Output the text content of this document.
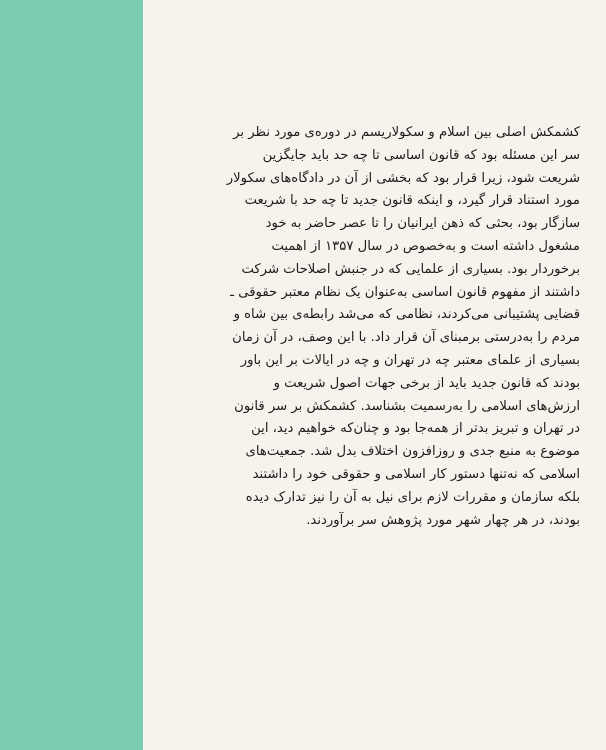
کشمکش اصلی بین اسلام و سکولاریسم در دوره‌ی مورد نظر بر
سر این مسئله بود که قانون اساسی تا چه حد باید جایگزین
شریعت شود، زیرا قرار بود که بخشی از آن در دادگاه‌های سکولار
مورد استناد قرار گیرد، و اینکه قانون جدید تا چه حد با شریعت
سازگار بود، بحثی که ذهن ایرانیان را تا عصر حاضر به خود
مشغول داشته است و به‌خصوص در سال ۱۳۵۷ از اهمیت
برخوردار بود. بسیاری از علمایی که در جنبش اصلاحات شرکت
داشتند از مفهوم قانون اساسی به‌عنوان یک نظام معتبر حقوقی ـ
قضایی پشتیبانی می‌کردند، نظامی که می‌شد رابطه‌ی بین شاه و
مردم را به‌درستی برمبنای آن قرار داد. با این وصف، در آن زمان
بسیاری از علمای معتبر چه در تهران و چه در ایالات بر این باور
بودند که قانون جدید باید از برخی جهات اصول شریعت و
ارزش‌های اسلامی را به‌رسمیت بشناسد. کشمکش بر سر قانون
در تهران و تبریز بدتر از همه‌جا بود و چنان‌که خواهیم دید، این
موضوع به منبع جدی و روزافزون اختلاف بدل شد. جمعیت‌های
اسلامی که نه‌تنها دستور کار اسلامی و حقوقی خود را داشتند
بلکه سازمان و مقررات لازم برای نیل به آن را نیز تدارک دیده
بودند، در هر چهار شهر مورد پژوهش سر برآوردند.
